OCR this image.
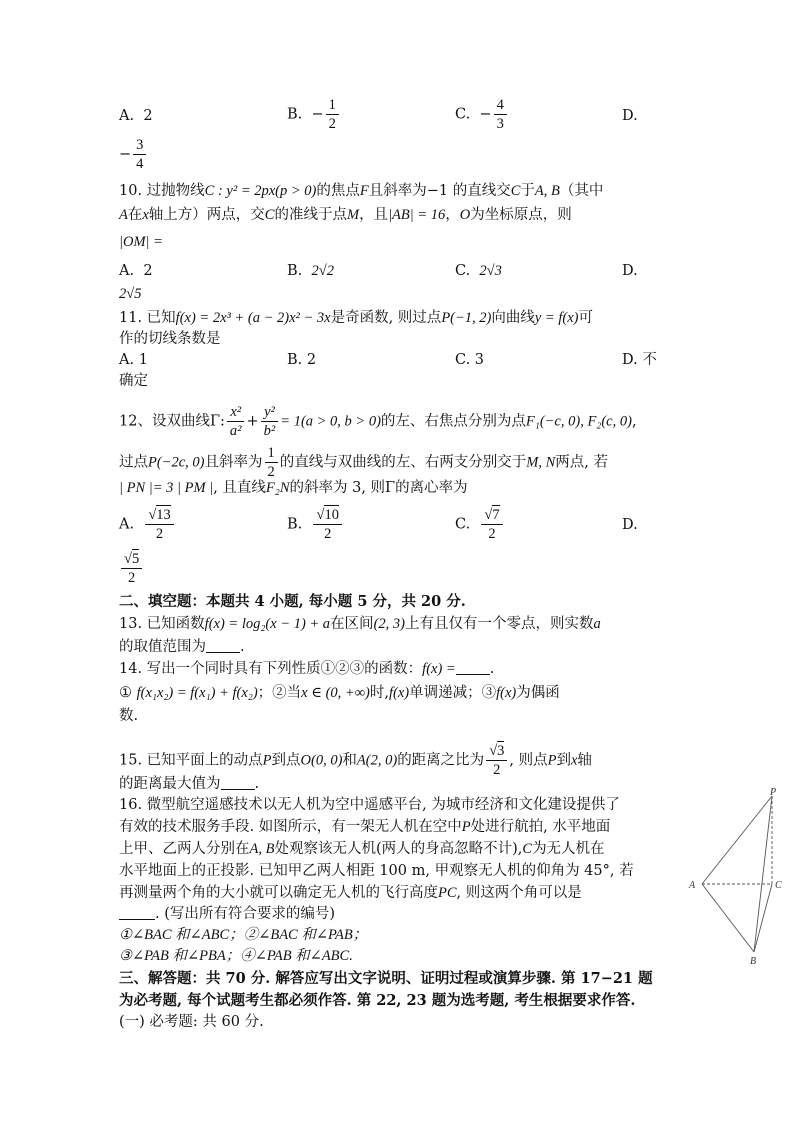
A. 2	B. − $\frac{1}{2}$	C. − $\frac{4}{3}$	D.
− $\frac{3}{4}$
10. 过抛物线C : y² = 2px(p > 0)的焦点F且斜率为−1 的直线交C于A, B（其中
A在x轴上方）两点，交C的准线于点M，且|AB| = 16，O为坐标原点，则
|OM| =
A. 2	B. 2√2	C. 2√3	D.
2√5
11. 已知f(x) = 2x³ + (a − 2)x² − 3x是奇函数, 则过点P(−1, 2)向曲线y = f(x)可
作的切线条数是
A. 1	B. 2	C. 3	D. 不
确定
12、设双曲线Γ: $\frac{\text{x²}}{\text{a²}} + \frac{\text{y²}}{\text{b²}} = 1(a > 0$, b > 0)的左、右焦点分别为点F₁(−c, 0), F₂(c, 0),
过点P(−2c, 0)且斜率为 $\frac{1}{2}$ 的直线与双曲线的左、右两支分别交于M, N两点, 若
| PN |= 3 | PM |, 且直线F₂N的斜率为 3, 则Γ的离心率为
A. $\frac{√13}{2}$	B. $\frac{√10}{2}$	C. $\frac{√7}{2}$	D.
$\frac{√5}{2}$
二、填空题：本题共 4 小题, 每小题 5 分，共 20 分.
13. 已知函数f(x) = log₂(x − 1) + a在区间(2, 3)上有且仅有一个零点，则实数a
的取值范围为 .
14. 写出一个同时具有下列性质①②③的函数：f(x) = .
① f(x₁x₂) = f(x₁) + f(x₂)；②当x ∈ (0, +∞)时,f(x)单调递减；③f(x)为偶函
数.
15. 已知平面上的动点P到点O(0, 0)和A(2, 0)的距离之比为 $\frac{√3}{2}$ , 则点P到x轴
的距离最大值为 .
16. 微型航空遥感技术以无人机为空中遥感平台, 为城市经济和文化建设提供了
有效的技术服务手段. 如图所示，有一架无人机在空中P处进行航拍, 水平地面
上甲、乙两人分别在A, B处观察该无人机(两人的身高忽略不计),C为无人机在
水平地面上的正投影. 已知甲乙两人相距 100 m, 甲观察无人机的仰角为 45°, 若
再测量两个角的大小就可以确定无人机的飞行高度PC, 则这两个角可以是
. (写出所有符合要求的编号)
①∠BAC 和∠ABC；②∠BAC 和∠PAB；
③∠PAB 和∠PBA；④∠PAB 和∠ABC.
P
A	C
B
三、解答题：共 70 分. 解答应写出文字说明、证明过程或演算步骤. 第 17−21 题
为必考题, 每个试题考生都必须作答. 第 22, 23 题为选考题, 考生根据要求作答.
(一) 必考题: 共 60 分.
